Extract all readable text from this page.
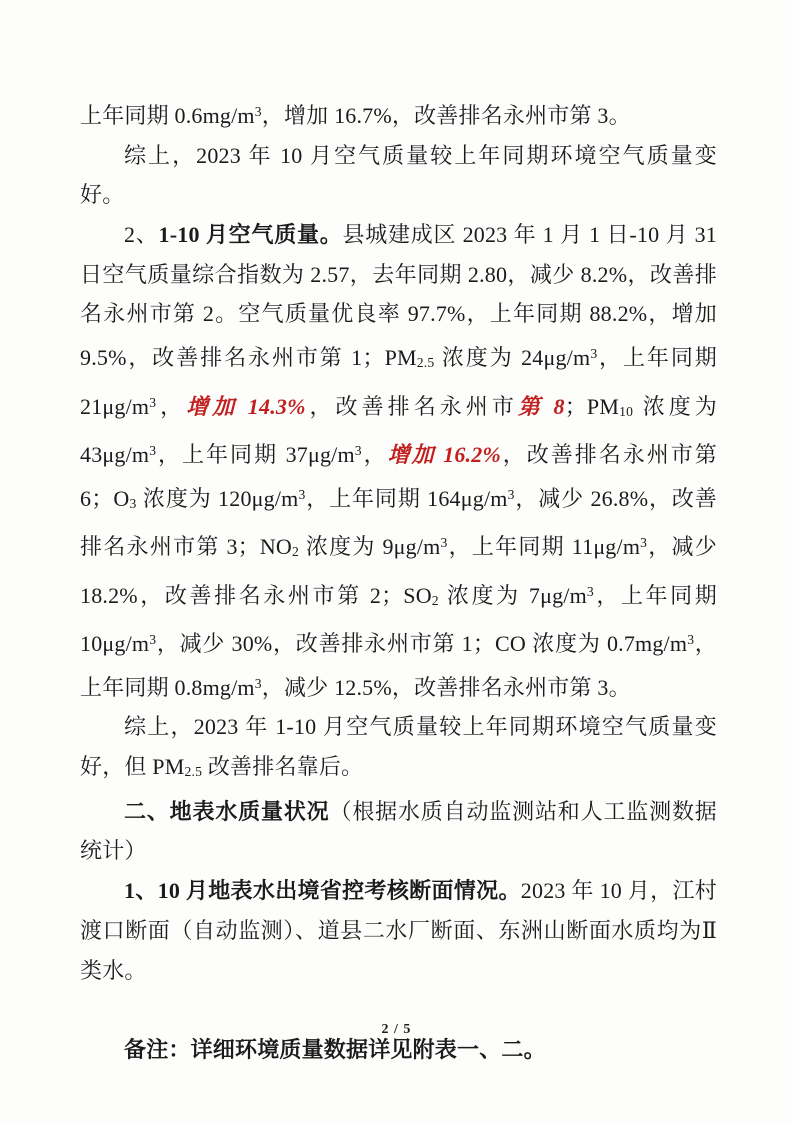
上年同期 $0.6mg/m^3$，增加 16.7%，改善排名永州市第 3。

综上，2023 年 10 月空气质量较上年同期环境空气质量变好。

2、1-10 月空气质量。县城建成区 2023 年 1 月 1 日-10 月 31 日空气质量综合指数为 2.57，去年同期 2.80，减少 8.2%，改善排名永州市第 2。空气质量优良率 97.7%，上年同期 88.2%，增加 9.5%，改善排名永州市第 1；PM2.5 浓度为 $24\mu g/m^3$，上年同期 $21\mu g/m^3$，增加 14.3%，改善排名永州市第 8；PM10 浓度为 $43\mu g/m^3$，上年同期 $37\mu g/m^3$，增加 16.2%，改善排名永州市第 6；O3 浓度为 $120\mu g/m^3$，上年同期 $164\mu g/m^3$，减少 26.8%，改善排名永州市第 3；NO2 浓度为 $9\mu g/m^3$，上年同期 $11\mu g/m^3$，减少 18.2%，改善排名永州市第 2；SO2 浓度为 $7\mu g/m^3$，上年同期 $10\mu g/m^3$，减少 30%，改善排永州市第 1；CO 浓度为 $0.7mg/m^3$，上年同期 $0.8mg/m^3$，减少 12.5%，改善排名永州市第 3。

综上，2023 年 1-10 月空气质量较上年同期环境空气质量变好，但 PM2.5 改善排名靠后。

二、地表水质量状况（根据水质自动监测站和人工监测数据统计）

1、10 月地表水出境省控考核断面情况。2023 年 10 月，江村渡口断面（自动监测）、道县二水厂断面、东洲山断面水质均为Ⅱ类水。

备注：详细环境质量数据详见附表一、二。

2 / 5
